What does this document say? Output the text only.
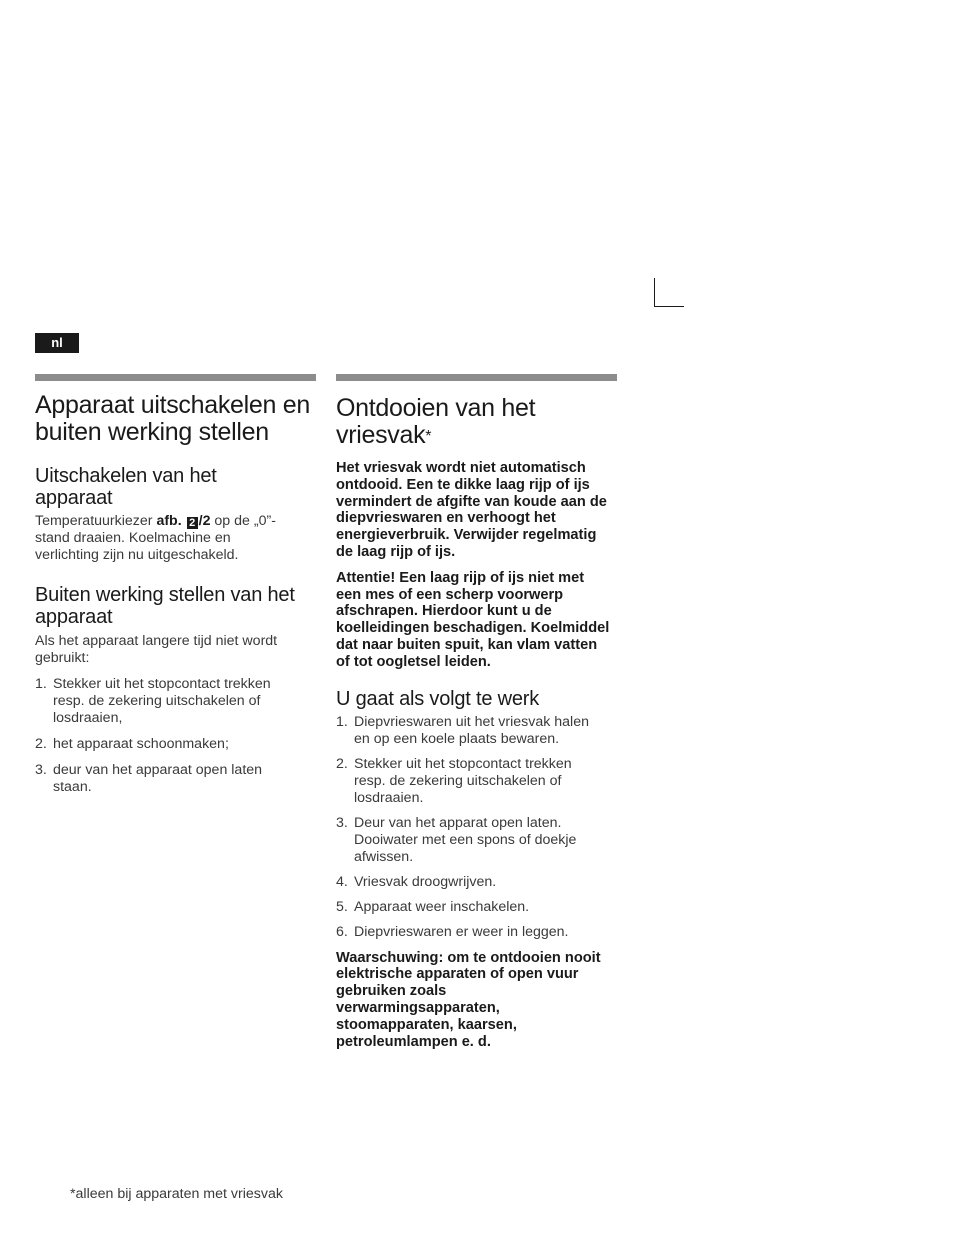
nl
Apparaat uitschakelen en buiten werking stellen
Uitschakelen van het apparaat

Temperatuurkiezer afb. 2 /2 op de „0”-stand draaien. Koelmachine en verlichting zijn nu uitgeschakeld.

Buiten werking stellen van het apparaat

Als het apparaat langere tijd niet wordt gebruikt:

1. Stekker uit het stopcontact trekken resp. de zekering uitschakelen of losdraaien,
2. het apparaat schoonmaken;
3. deur van het apparaat open laten staan.
Ontdooien van het vriesvak*

Het vriesvak wordt niet automatisch ontdooid. Een te dikke laag rijp of ijs vermindert de afgifte van koude aan de diepvrieswaren en verhoogt het energieverbruik. Verwijder regelmatig de laag rijp of ijs.

Attentie! Een laag rijp of ijs niet met een mes of een scherp voorwerp afschrapen. Hierdoor kunt u de koelleidingen beschadigen. Koelmiddel dat naar buiten spuit, kan vlam vatten of tot oogletsel leiden.

U gaat als volgt te werk
1. Diepvrieswaren uit het vriesvak halen en op een koele plaats bewaren.
2. Stekker uit het stopcontact trekken resp. de zekering uitschakelen of losdraaien.
3. Deur van het apparat open laten. Dooiwater met een spons of doekje afwissen.
4. Vriesvak droogwrijven.
5. Apparaat weer inschakelen.
6. Diepvrieswaren er weer in leggen.

Waarschuwing: om te ontdooien nooit elektrische apparaten of open vuur gebruiken zoals verwarmingsapparaten, stoomapparaten, kaarsen, petroleumlampen e. d.

*alleen bij apparaten met vriesvak
